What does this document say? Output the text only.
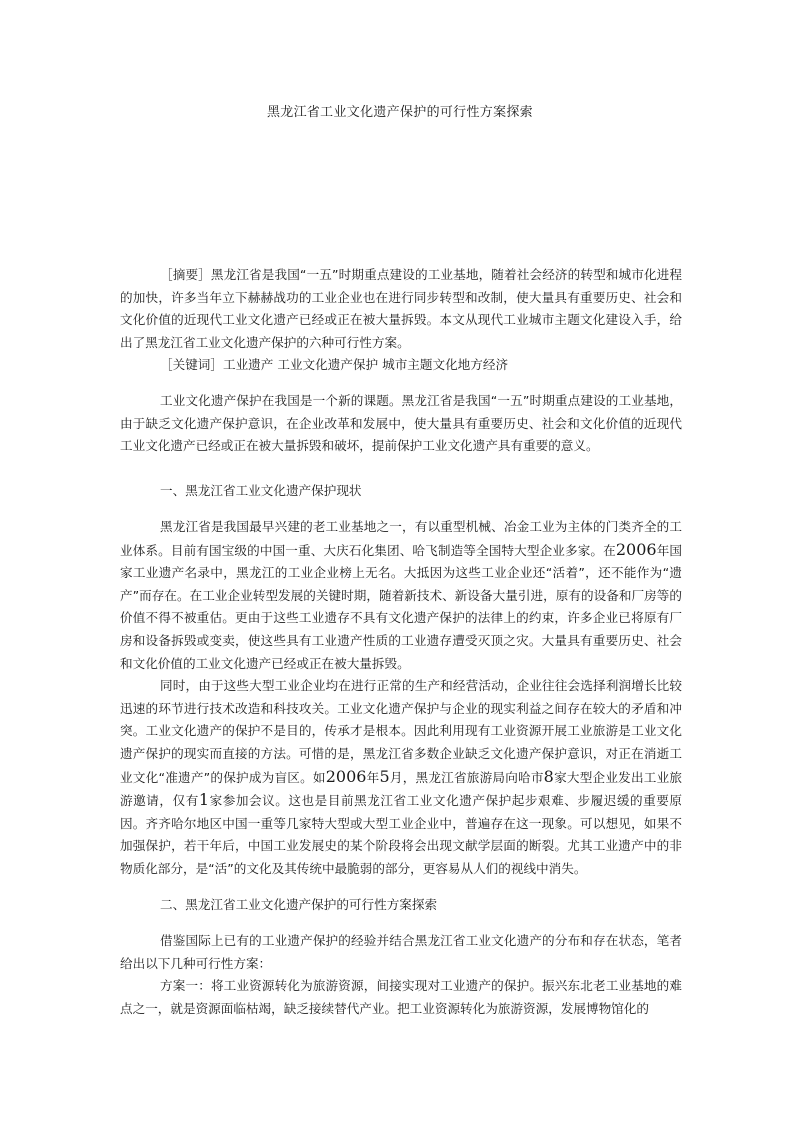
黑龙江省工业文化遗产保护的可行性方案探索

［摘要］黑龙江省是我国“一五”时期重点建设的工业基地，随着社会经济的转型和城市化进程的加快，许多当年立下赫赫战功的工业企业也在进行同步转型和改制，使大量具有重要历史、社会和文化价值的近现代工业文化遗产已经或正在被大量拆毁。本文从现代工业城市主题文化建设入手，给出了黑龙江省工业文化遗产保护的六种可行性方案。

［关键词］工业遗产 工业文化遗产保护 城市主题文化地方经济

工业文化遗产保护在我国是一个新的课题。黑龙江省是我国“一五”时期重点建设的工业基地，由于缺乏文化遗产保护意识，在企业改革和发展中，使大量具有重要历史、社会和文化价值的近现代工业文化遗产已经或正在被大量拆毁和破坏，提前保护工业文化遗产具有重要的意义。

一、黑龙江省工业文化遗产保护现状

黑龙江省是我国最早兴建的老工业基地之一，有以重型机械、冶金工业为主体的门类齐全的工业体系。目前有国宝级的中国一重、大庆石化集团、哈飞制造等全国特大型企业多家。在2006年国家工业遗产名录中，黑龙江的工业企业榜上无名。大抵因为这些工业企业还“活着”，还不能作为“遗产”而存在。在工业企业转型发展的关键时期，随着新技术、新设备大量引进，原有的设备和厂房等的价值不得不被重估。更由于这些工业遗存不具有文化遗产保护的法律上的约束，许多企业已将原有厂房和设备拆毁或变卖，使这些具有工业遗产性质的工业遗存遭受灭顶之灾。大量具有重要历史、社会和文化价值的工业文化遗产已经或正在被大量拆毁。

同时，由于这些大型工业企业均在进行正常的生产和经营活动，企业往往会选择利润增长比较迅速的环节进行技术改造和科技攻关。工业文化遗产保护与企业的现实利益之间存在较大的矛盾和冲突。工业文化遗产的保护不是目的，传承才是根本。因此利用现有工业资源开展工业旅游是工业文化遗产保护的现实而直接的方法。可惜的是，黑龙江省多数企业缺乏文化遗产保护意识，对正在消逝工业文化“准遗产”的保护成为盲区。如2006年5月，黑龙江省旅游局向哈市8家大型企业发出工业旅游邀请，仅有1家参加会议。这也是目前黑龙江省工业文化遗产保护起步艰难、步履迟缓的重要原因。齐齐哈尔地区中国一重等几家特大型或大型工业企业中，普遍存在这一现象。可以想见，如果不加强保护，若干年后，中国工业发展史的某个阶段将会出现文献学层面的断裂。尤其工业遗产中的非物质化部分，是“活”的文化及其传统中最脆弱的部分，更容易从人们的视线中消失。

二、黑龙江省工业文化遗产保护的可行性方案探索

借鉴国际上已有的工业遗产保护的经验并结合黑龙江省工业文化遗产的分布和存在状态，笔者给出以下几种可行性方案：

方案一：将工业资源转化为旅游资源，间接实现对工业遗产的保护。振兴东北老工业基地的难点之一，就是资源面临枯竭，缺乏接续替代产业。把工业资源转化为旅游资源，发展博物馆化的
